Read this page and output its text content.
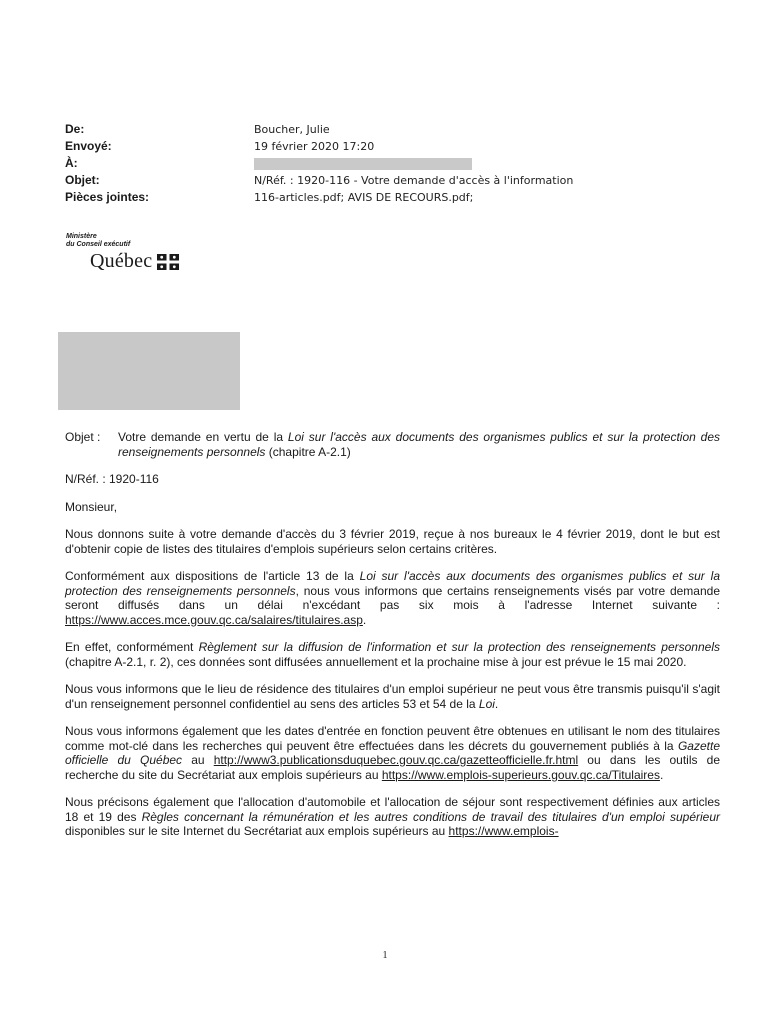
De:	Boucher, Julie
Envoyé:	19 février 2020 17:20
À:
Objet:	N/Réf. : 1920-116 - Votre demande d'accès à l'information
Pièces jointes:	116-articles.pdf; AVIS DE RECOURS.pdf;
Ministère
du Conseil exécutif
Québec
Objet :	Votre demande en vertu de la Loi sur l'accès aux documents des organismes publics et sur la protection des renseignements personnels (chapitre A-2.1)

N/Réf. : 1920-116

Monsieur,

Nous donnons suite à votre demande d'accès du 3 février 2019, reçue à nos bureaux le 4 février 2019, dont le but est d'obtenir copie de listes des titulaires d'emplois supérieurs selon certains critères.

Conformément aux dispositions de l'article 13 de la Loi sur l'accès aux documents des organismes publics et sur la protection des renseignements personnels, nous vous informons que certains renseignements visés par votre demande seront diffusés dans un délai n'excédant pas six mois à l'adresse Internet suivante : https://www.acces.mce.gouv.qc.ca/salaires/titulaires.asp.

En effet, conformément Règlement sur la diffusion de l'information et sur la protection des renseignements personnels (chapitre A-2.1, r. 2), ces données sont diffusées annuellement et la prochaine mise à jour est prévue le 15 mai 2020.

Nous vous informons que le lieu de résidence des titulaires d'un emploi supérieur ne peut vous être transmis puisqu'il s'agit d'un renseignement personnel confidentiel au sens des articles 53 et 54 de la Loi.

Nous vous informons également que les dates d'entrée en fonction peuvent être obtenues en utilisant le nom des titulaires comme mot-clé dans les recherches qui peuvent être effectuées dans les décrets du gouvernement publiés à la Gazette officielle du Québec au http://www3.publicationsduquebec.gouv.qc.ca/gazetteofficielle.fr.html ou dans les outils de recherche du site du Secrétariat aux emplois supérieurs au https://www.emplois-superieurs.gouv.qc.ca/Titulaires.

Nous précisons également que l'allocation d'automobile et l'allocation de séjour sont respectivement définies aux articles 18 et 19 des Règles concernant la rémunération et les autres conditions de travail des titulaires d'un emploi supérieur disponibles sur le site Internet du Secrétariat aux emplois supérieurs au https://www.emplois-

1
